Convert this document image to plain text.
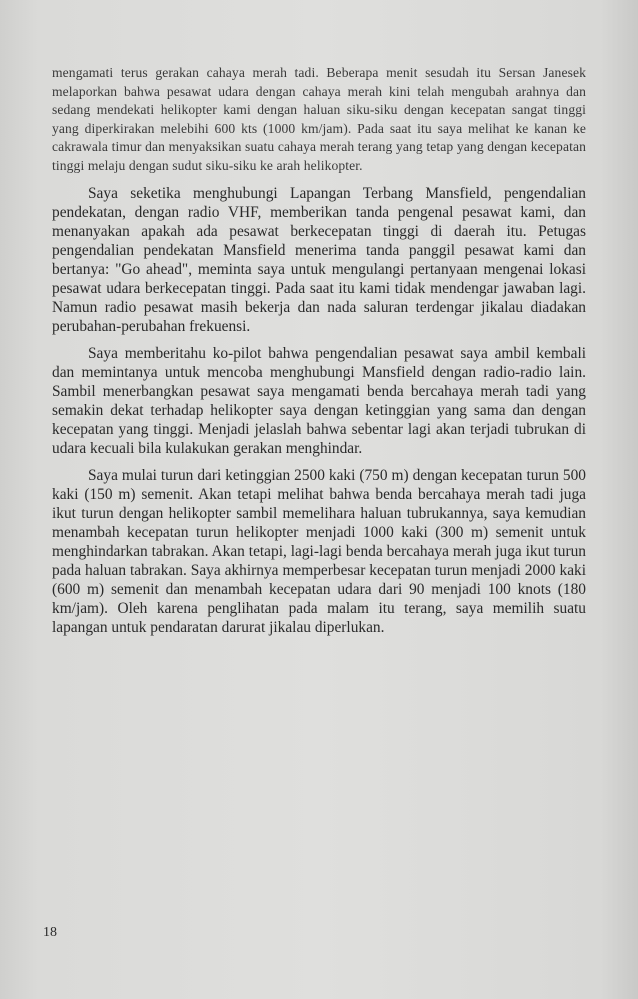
mengamati terus gerakan cahaya merah tadi. Beberapa menit sesudah itu Sersan Janesek melaporkan bahwa pesawat udara dengan cahaya merah kini telah mengubah arahnya dan sedang mendekati helikopter kami dengan haluan siku-siku dengan kecepatan sangat tinggi yang diperkirakan melebihi 600 kts (1000 km/jam). Pada saat itu saya melihat ke kanan ke cakrawala timur dan menyaksikan suatu cahaya merah terang yang tetap yang dengan kecepatan tinggi melaju dengan sudut siku-siku ke arah helikopter.

Saya seketika menghubungi Lapangan Terbang Mansfield, pengendalian pendekatan, dengan radio VHF, memberikan tanda pengenal pesawat kami, dan menanyakan apakah ada pesawat berkecepatan tinggi di daerah itu. Petugas pengendalian pendekatan Mansfield menerima tanda panggil pesawat kami dan bertanya: "Go ahead", meminta saya untuk mengulangi pertanyaan mengenai lokasi pesawat udara berkecepatan tinggi. Pada saat itu kami tidak mendengar jawaban lagi. Namun radio pesawat masih bekerja dan nada saluran terdengar jikalau diadakan perubahan-perubahan frekuensi.

Saya memberitahu ko-pilot bahwa pengendalian pesawat saya ambil kembali dan memintanya untuk mencoba menghubungi Mansfield dengan radio-radio lain. Sambil menerbangkan pesawat saya mengamati benda bercahaya merah tadi yang semakin dekat terhadap helikopter saya dengan ketinggian yang sama dan dengan kecepatan yang tinggi. Menjadi jelaslah bahwa sebentar lagi akan terjadi tubrukan di udara kecuali bila kulakukan gerakan menghindar.

Saya mulai turun dari ketinggian 2500 kaki (750 m) dengan kecepatan turun 500 kaki (150 m) semenit. Akan tetapi melihat bahwa benda bercahaya merah tadi juga ikut turun dengan helikopter sambil memelihara haluan tubrukannya, saya kemudian menambah kecepatan turun helikopter menjadi 1000 kaki (300 m) semenit untuk menghindarkan tabrakan. Akan tetapi, lagi-lagi benda bercahaya merah juga ikut turun pada haluan tabrakan. Saya akhirnya memperbesar kecepatan turun menjadi 2000 kaki (600 m) semenit dan menambah kecepatan udara dari 90 menjadi 100 knots (180 km/jam). Oleh karena penglihatan pada malam itu terang, saya memilih suatu lapangan untuk pendaratan darurat jikalau diperlukan.

18
